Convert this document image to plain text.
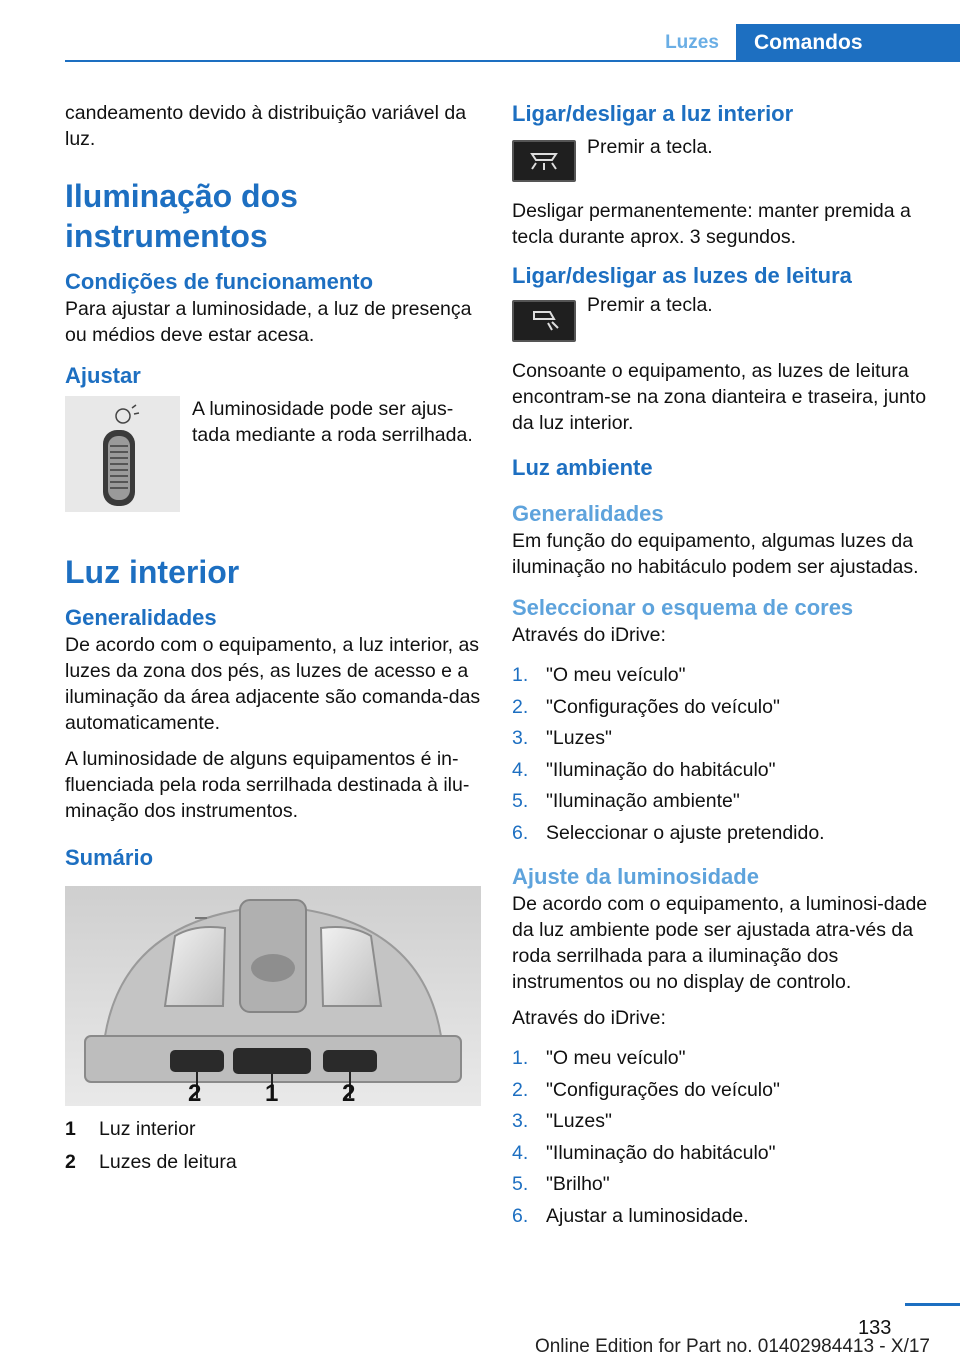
Luzes	Comandos
candeamento devido à distribuição variável da luz.
Iluminação dos instrumentos
Condições de funcionamento
Para ajustar a luminosidade, a luz de presença ou médios deve estar acesa.
Ajustar
A luminosidade pode ser ajus-
tada mediante a roda serrilhada.
Luz interior
Generalidades
De acordo com o equipamento, a luz interior, as luzes da zona dos pés, as luzes de acesso e a iluminação da área adjacente são comanda-das automaticamente.
A luminosidade de alguns equipamentos é in-fluenciada pela roda serrilhada destinada à ilu-minação dos instrumentos.
Sumário
2	1	2
1 Luz interior
2 Luzes de leitura
Ligar/desligar a luz interior
Premir a tecla.
Desligar permanentemente: manter premida a tecla durante aprox. 3 segundos.
Ligar/desligar as luzes de leitura
Premir a tecla.
Consoante o equipamento, as luzes de leitura encontram-se na zona dianteira e traseira, junto da luz interior.
Luz ambiente
Generalidades
Em função do equipamento, algumas luzes da iluminação no habitáculo podem ser ajustadas.
Seleccionar o esquema de cores
Através do iDrive:
1. "O meu veículo"
2. "Configurações do veículo"
3. "Luzes"
4. "Iluminação do habitáculo"
5. "Iluminação ambiente"
6. Seleccionar o ajuste pretendido.
Ajuste da luminosidade
De acordo com o equipamento, a luminosi-dade da luz ambiente pode ser ajustada atra-vés da roda serrilhada para a iluminação dos instrumentos ou no display de controlo.
Através do iDrive:
1. "O meu veículo"
2. "Configurações do veículo"
3. "Luzes"
4. "Iluminação do habitáculo"
5. "Brilho"
6. Ajustar a luminosidade.
133
Online Edition for Part no. 01402984413 - X/17
